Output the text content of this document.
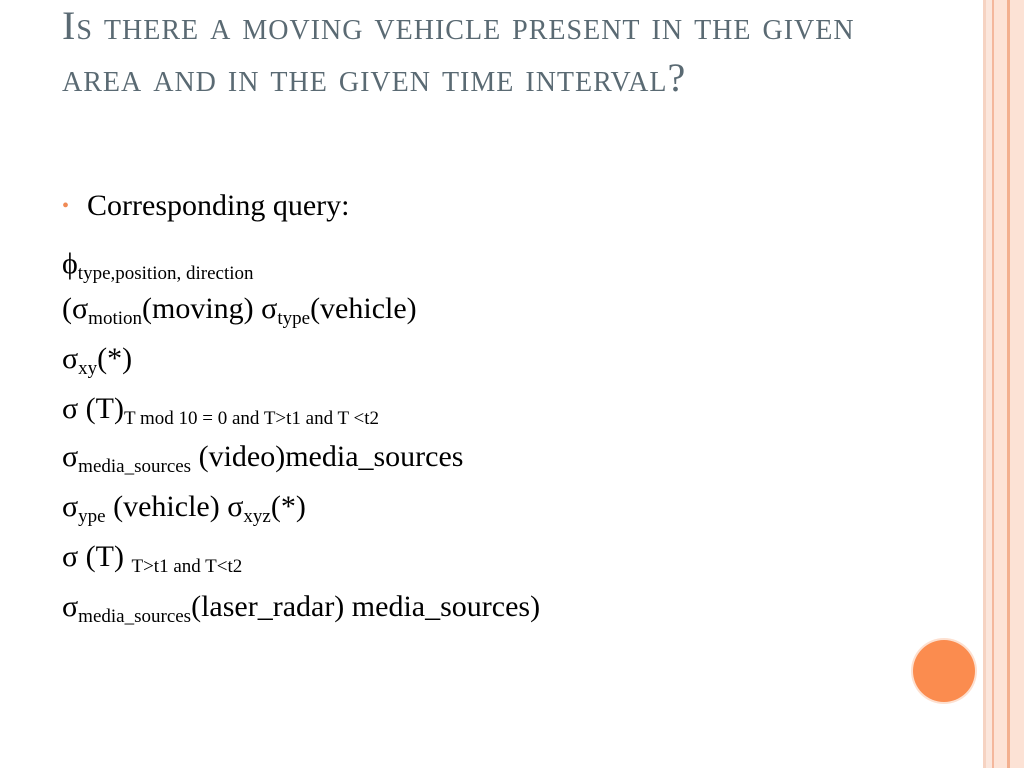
Is there a moving vehicle present in the given area and in the given time interval?
• Corresponding query:
$\phi_{type,position, direction}$
($\sigma_{motion}(moving)$ $\sigma_{type}(vehicle)$
$\sigma_{xy}(*)$
σ $(T)_{T mod 10 = 0 and T>t1 and T <t2}$
$\sigma_{media\_sources}$ (video)media_sources
$\sigma_{ype}$ (vehicle) $\sigma_{xyz}(*)$
σ (T) $_{T>t1 and T<t2}$
$\sigma_{media\_sources}(laser\_radar)$ media_sources)
